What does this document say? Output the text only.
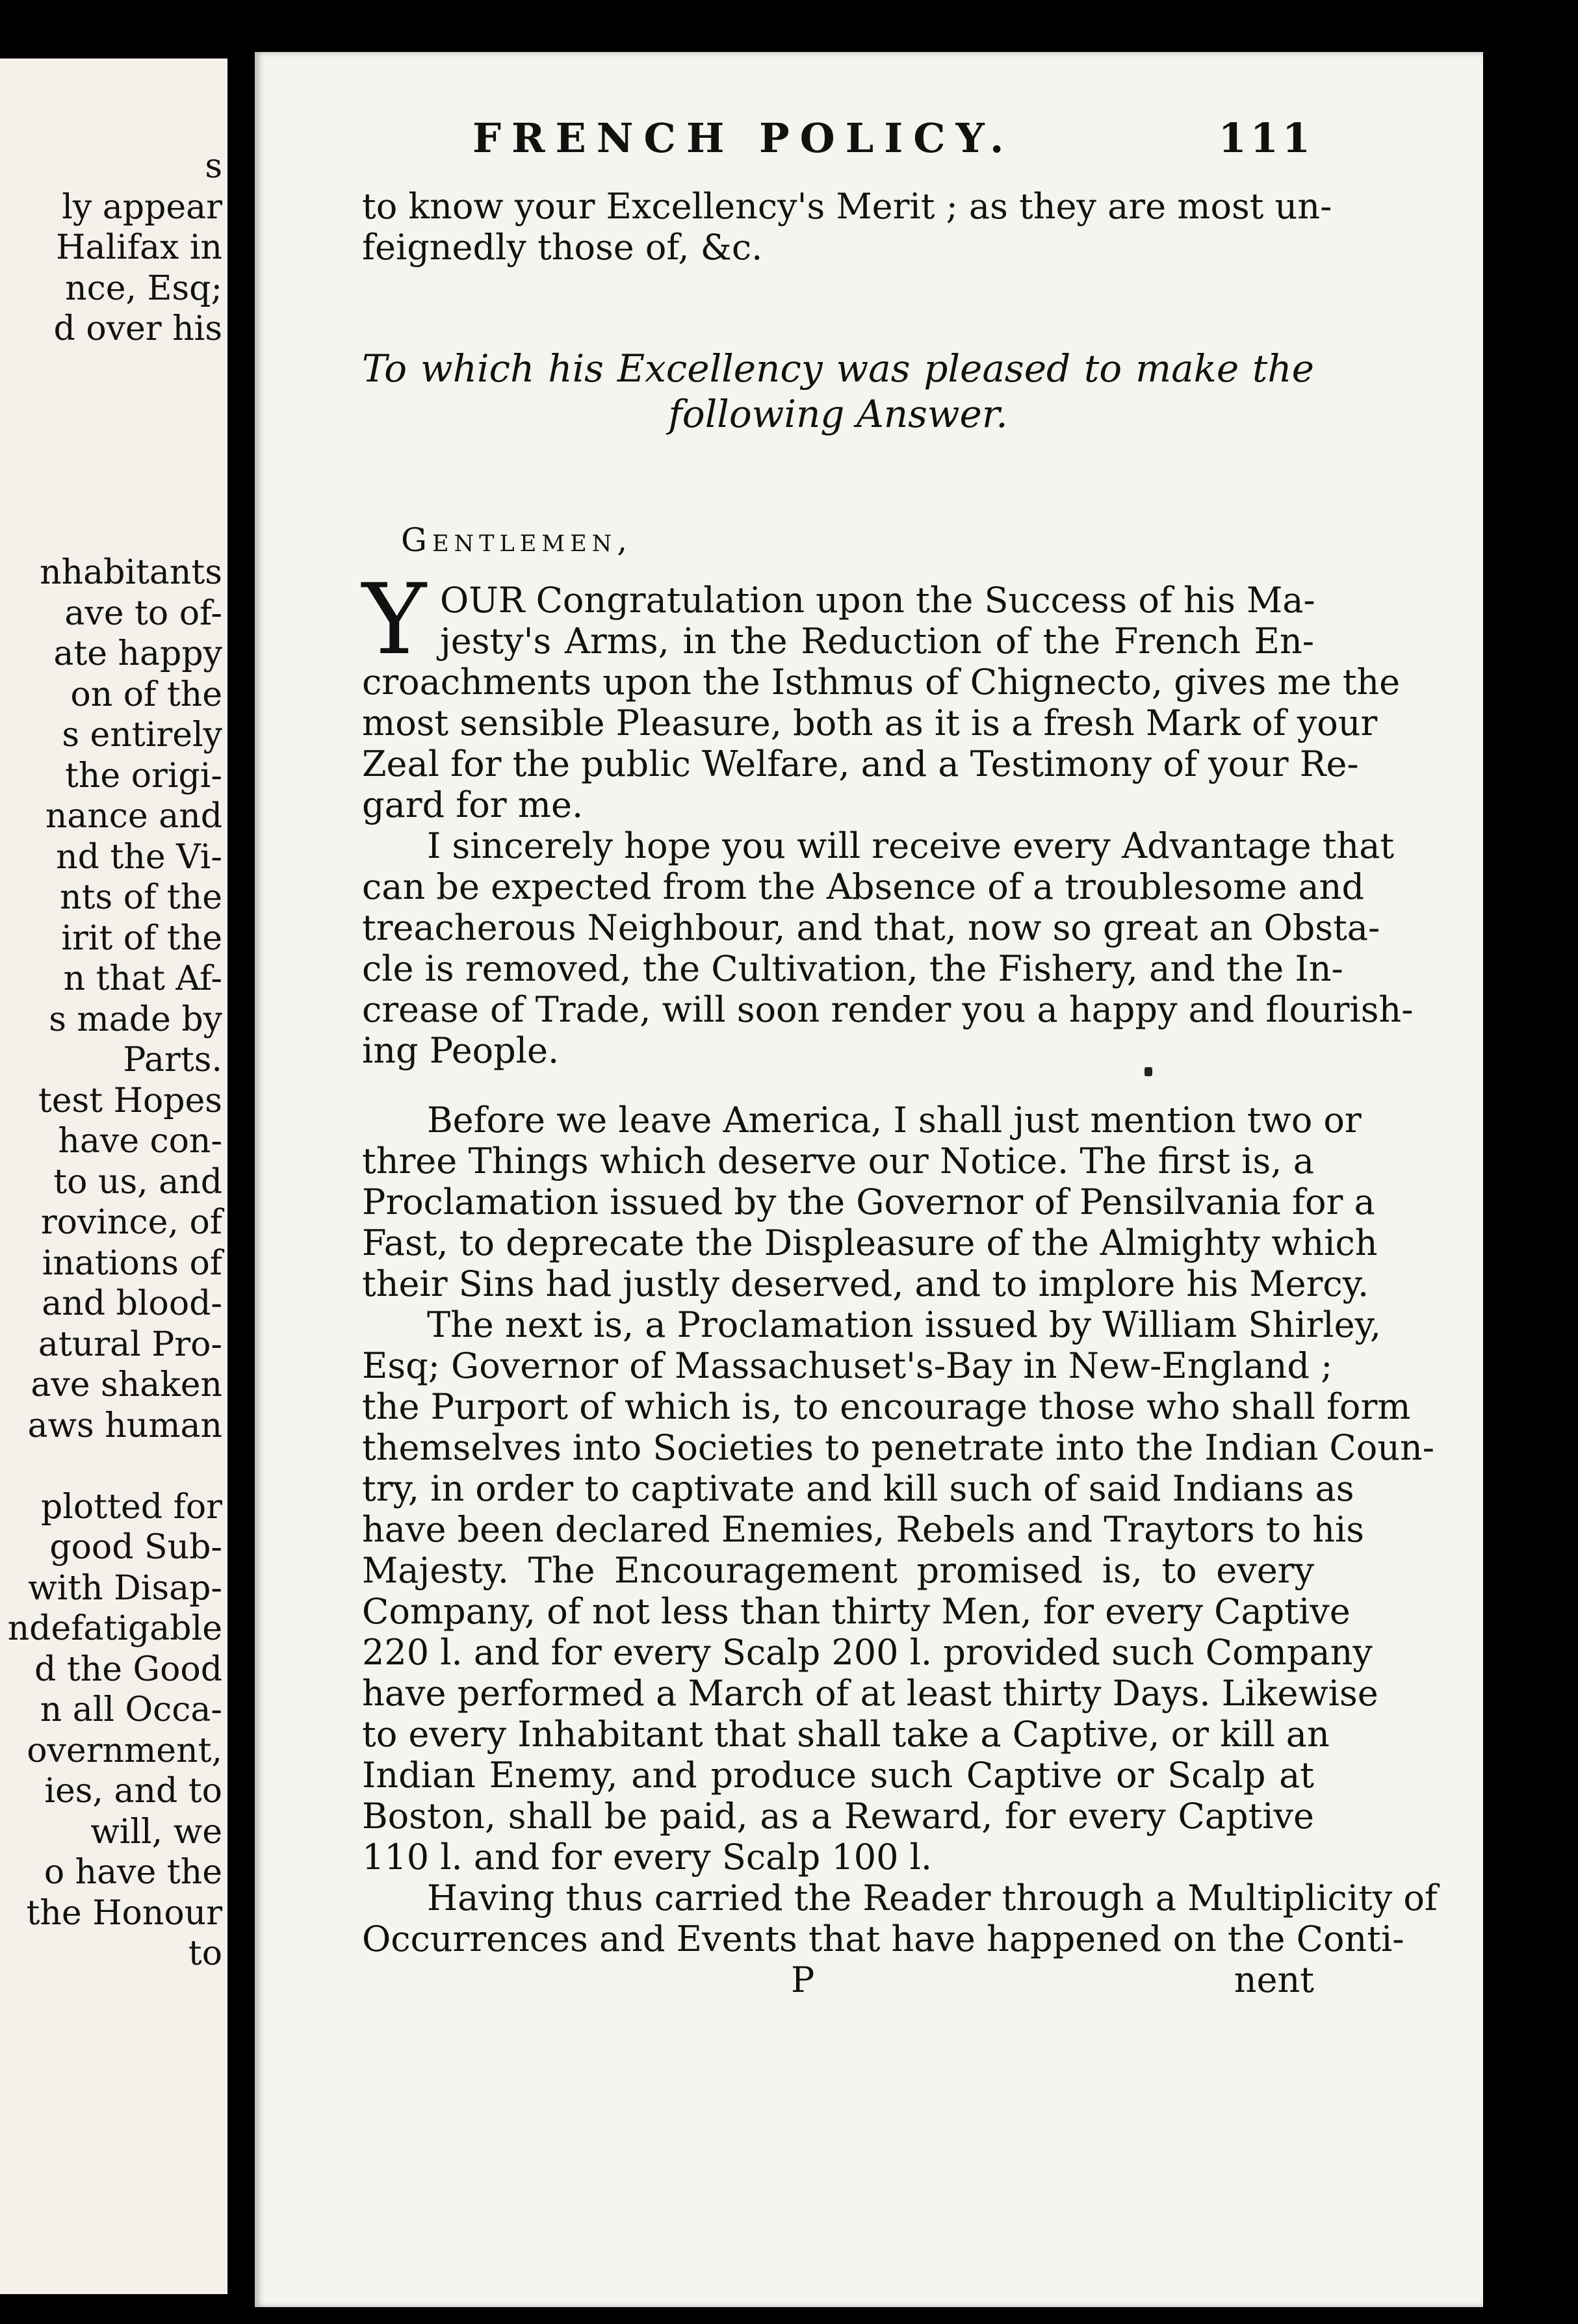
s
ly appear
Halifax in
nce, Esq;
d over his
nhabitants
ave to of-
ate happy
on of the
s entirely
the origi-
nance and
nd the Vi-
nts of the
irit of the
n that Af-
s made by
Parts.
test Hopes
have con-
to us, and
rovince, of
inations of
and blood-
atural Pro-
ave shaken
aws human
plotted for
good Sub-
with Disap-
ndefatigable
d the Good
n all Occa-
overnment,
ies, and to
will, we
o have the
the Honour
to
FRENCH POLICY.	111
to know your Excellency's Merit ; as they are most un-
feignedly those of, &c.
To which his Excellency was pleased to make the
following Answer.
Gentlemen,
Y OUR Congratulation upon the Success of his Ma-
jesty's Arms, in the Reduction of the French En-
croachments upon the Isthmus of Chignecto, gives me the
most sensible Pleasure, both as it is a fresh Mark of your
Zeal for the public Welfare, and a Testimony of your Re-
gard for me.
I sincerely hope you will receive every Advantage that
can be expected from the Absence of a troublesome and
treacherous Neighbour, and that, now so great an Obsta-
cle is removed, the Cultivation, the Fishery, and the In-
crease of Trade, will soon render you a happy and flourish-
ing People.
Before we leave America, I shall just mention two or
three Things which deserve our Notice. The first is, a
Proclamation issued by the Governor of Pensilvania for a
Fast, to deprecate the Displeasure of the Almighty which
their Sins had justly deserved, and to implore his Mercy.
The next is, a Proclamation issued by William Shirley,
Esq; Governor of Massachuset's-Bay in New-England ;
the Purport of which is, to encourage those who shall form
themselves into Societies to penetrate into the Indian Coun-
try, in order to captivate and kill such of said Indians as
have been declared Enemies, Rebels and Traytors to his
Majesty. The Encouragement promised is, to every
Company, of not less than thirty Men, for every Captive
220 l. and for every Scalp 200 l. provided such Company
have performed a March of at least thirty Days. Likewise
to every Inhabitant that shall take a Captive, or kill an
Indian Enemy, and produce such Captive or Scalp at
Boston, shall be paid, as a Reward, for every Captive
110 l. and for every Scalp 100 l.
Having thus carried the Reader through a Multiplicity of
Occurrences and Events that have happened on the Conti-
P	nent
